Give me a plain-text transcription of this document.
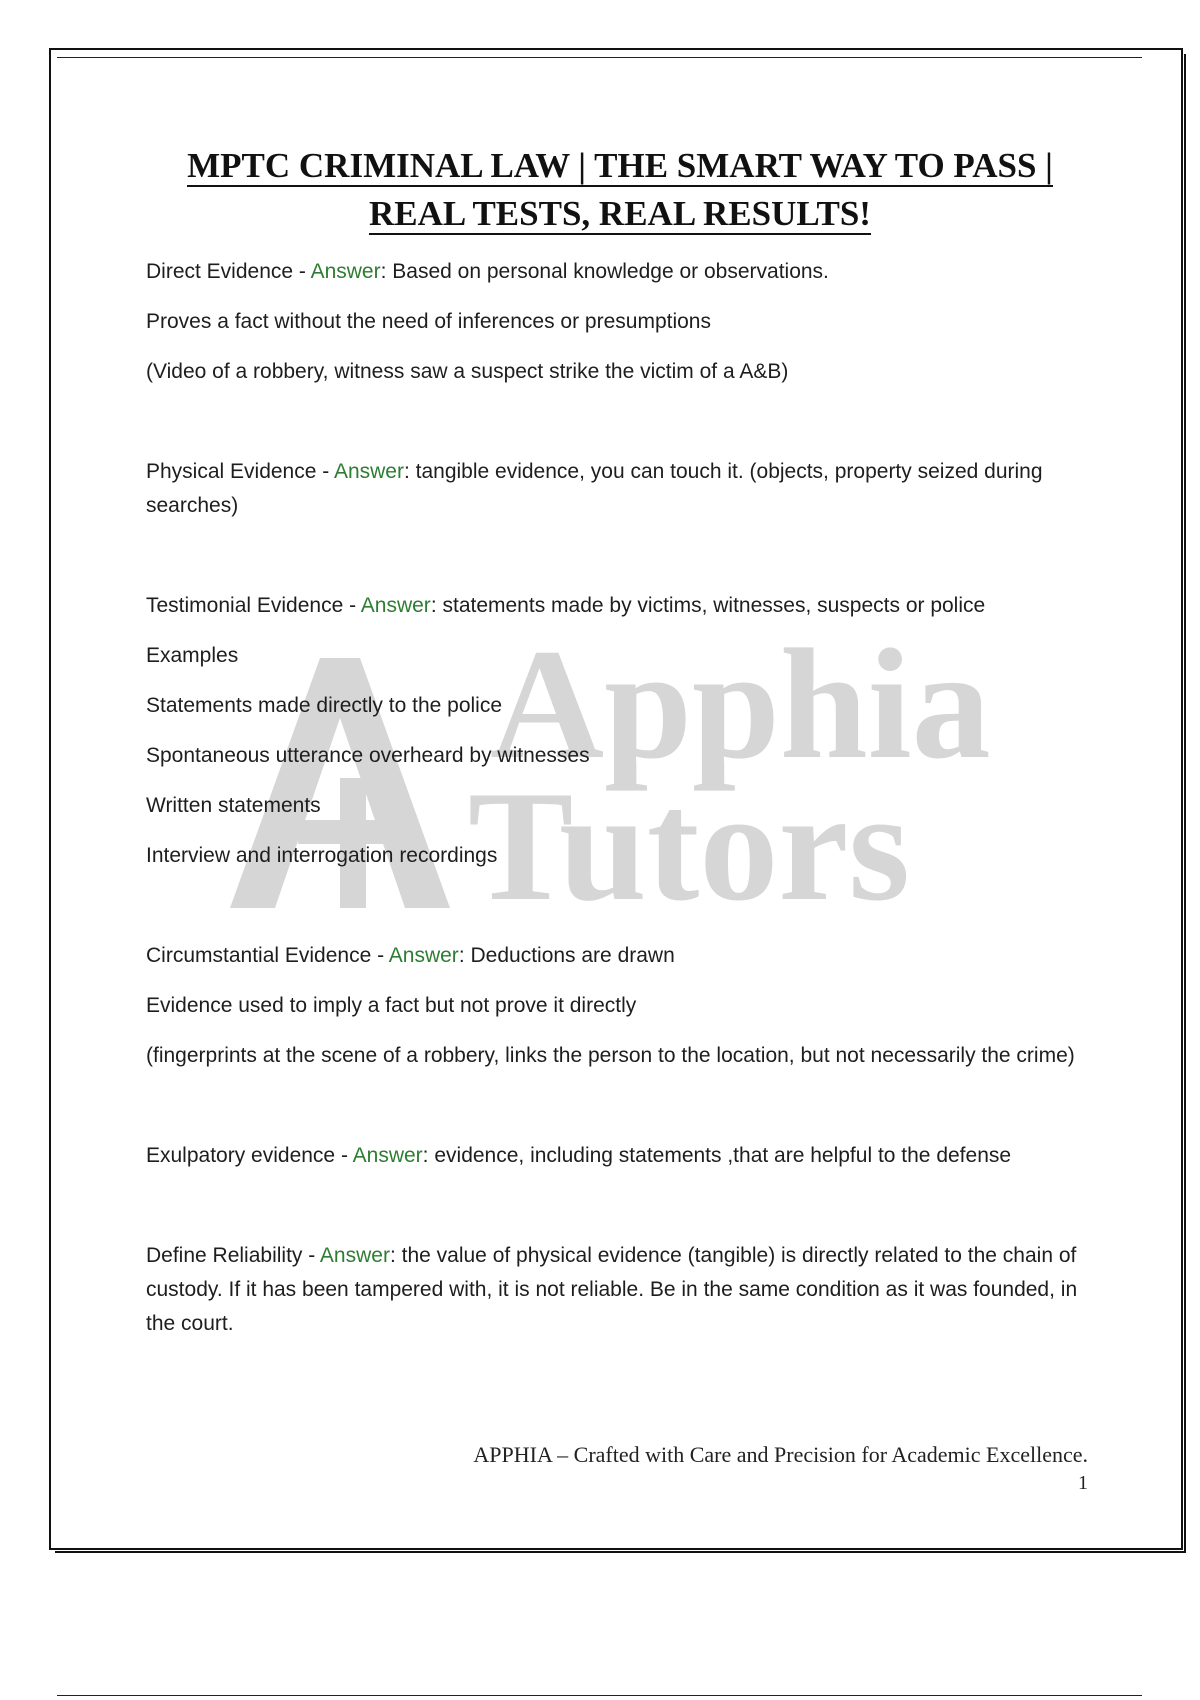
Apphia
Tutors
MPTC CRIMINAL LAW | THE SMART WAY TO PASS |
REAL TESTS, REAL RESULTS!

Direct Evidence - Answer: Based on personal knowledge or observations.

Proves a fact without the need of inferences or presumptions

(Video of a robbery, witness saw a suspect strike the victim of a A&B)

Physical Evidence - Answer: tangible evidence, you can touch it. (objects, property seized during searches)

Testimonial Evidence - Answer: statements made by victims, witnesses, suspects or police

Examples

Statements made directly to the police

Spontaneous utterance overheard by witnesses

Written statements

Interview and interrogation recordings

Circumstantial Evidence - Answer: Deductions are drawn

Evidence used to imply a fact but not prove it directly

(fingerprints at the scene of a robbery, links the person to the location, but not necessarily the crime)

Exulpatory evidence - Answer: evidence, including statements ,that are helpful to the defense

Define Reliability - Answer: the value of physical evidence (tangible) is directly related to the chain of custody. If it has been tampered with, it is not reliable. Be in the same condition as it was founded, in the court.

APPHIA – Crafted with Care and Precision for Academic Excellence.
1
